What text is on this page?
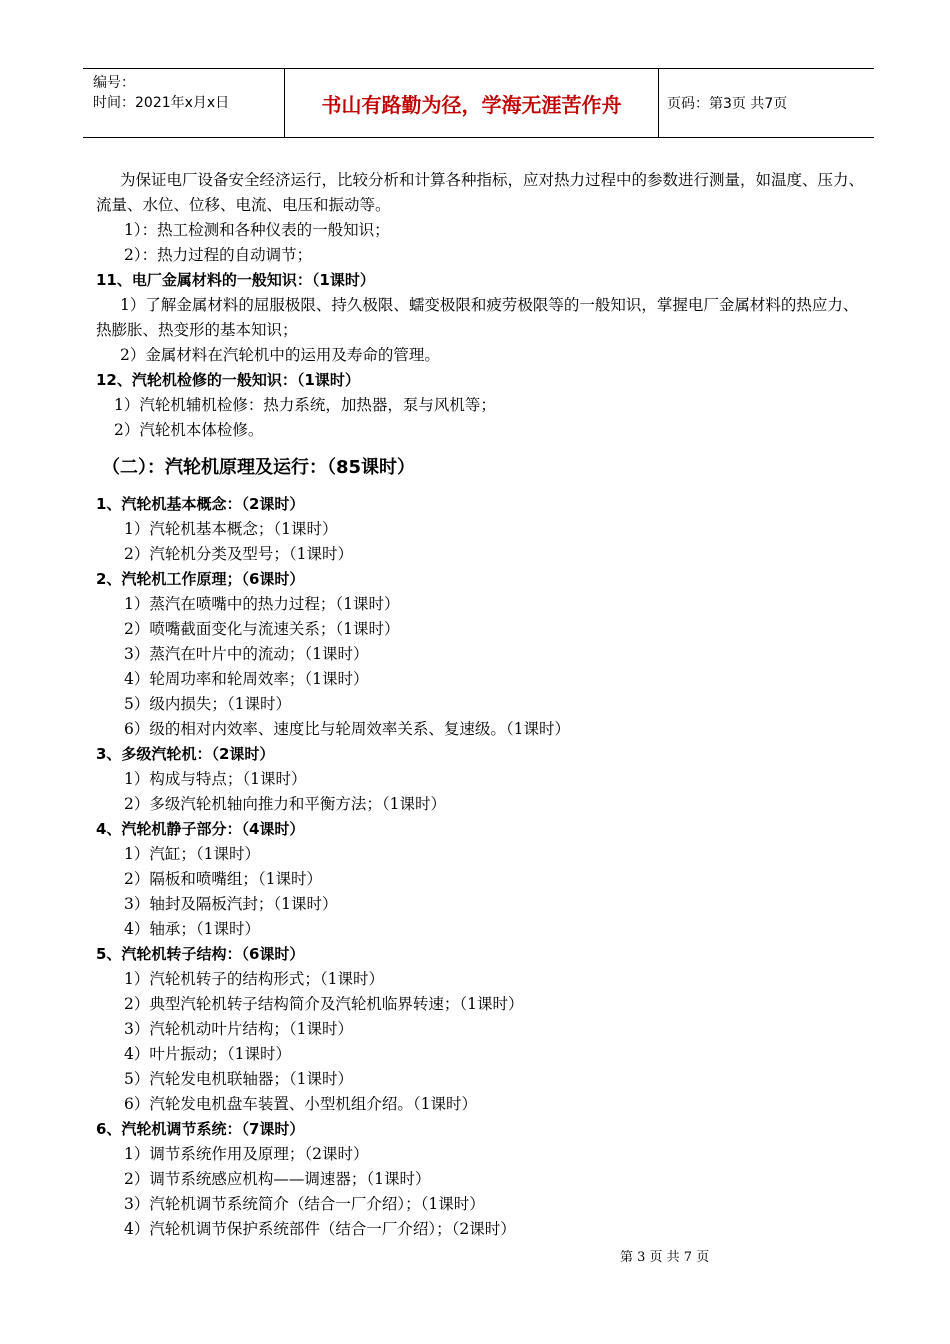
编号：
时间：2021年x月x日	书山有路勤为径，学海无涯苦作舟	页码：第3页 共7页

为保证电厂设备安全经济运行，比较分析和计算各种指标，应对热力过程中的参数进行测量，如温度、压力、流量、水位、位移、电流、电压和振动等。

1）：热工检测和各种仪表的一般知识；

2）：热力过程的自动调节；

11、电厂金属材料的一般知识：（1课时）

1）了解金属材料的屈服极限、持久极限、蠕变极限和疲劳极限等的一般知识，掌握电厂金属材料的热应力、热膨胀、热变形的基本知识；

2）金属材料在汽轮机中的运用及寿命的管理。

12、汽轮机检修的一般知识：（1课时）

1）汽轮机辅机检修：热力系统，加热器，泵与风机等；

2）汽轮机本体检修。

（二）：汽轮机原理及运行：（85课时）

1、汽轮机基本概念：（2课时）

1）汽轮机基本概念；（1课时）

2）汽轮机分类及型号；（1课时）

2、汽轮机工作原理；（6课时）

1）蒸汽在喷嘴中的热力过程；（1课时）

2）喷嘴截面变化与流速关系；（1课时）

3）蒸汽在叶片中的流动；（1课时）

4）轮周功率和轮周效率；（1课时）

5）级内损失；（1课时）

6）级的相对内效率、速度比与轮周效率关系、复速级。（1课时）

3、多级汽轮机：（2课时）

1）构成与特点；（1课时）

2）多级汽轮机轴向推力和平衡方法；（1课时）

4、汽轮机静子部分：（4课时）

1）汽缸；（1课时）

2）隔板和喷嘴组；（1课时）

3）轴封及隔板汽封；（1课时）

4）轴承；（1课时）

5、汽轮机转子结构：（6课时）

1）汽轮机转子的结构形式；（1课时）

2）典型汽轮机转子结构简介及汽轮机临界转速；（1课时）

3）汽轮机动叶片结构；（1课时）

4）叶片振动；（1课时）

5）汽轮发电机联轴器；（1课时）

6）汽轮发电机盘车装置、小型机组介绍。（1课时）

6、汽轮机调节系统：（7课时）

1）调节系统作用及原理；（2课时）

2）调节系统感应机构——调速器；（1课时）

3）汽轮机调节系统简介（结合一厂介绍）；（1课时）

4）汽轮机调节保护系统部件（结合一厂介绍）；（2课时）

第 3 页 共 7 页
